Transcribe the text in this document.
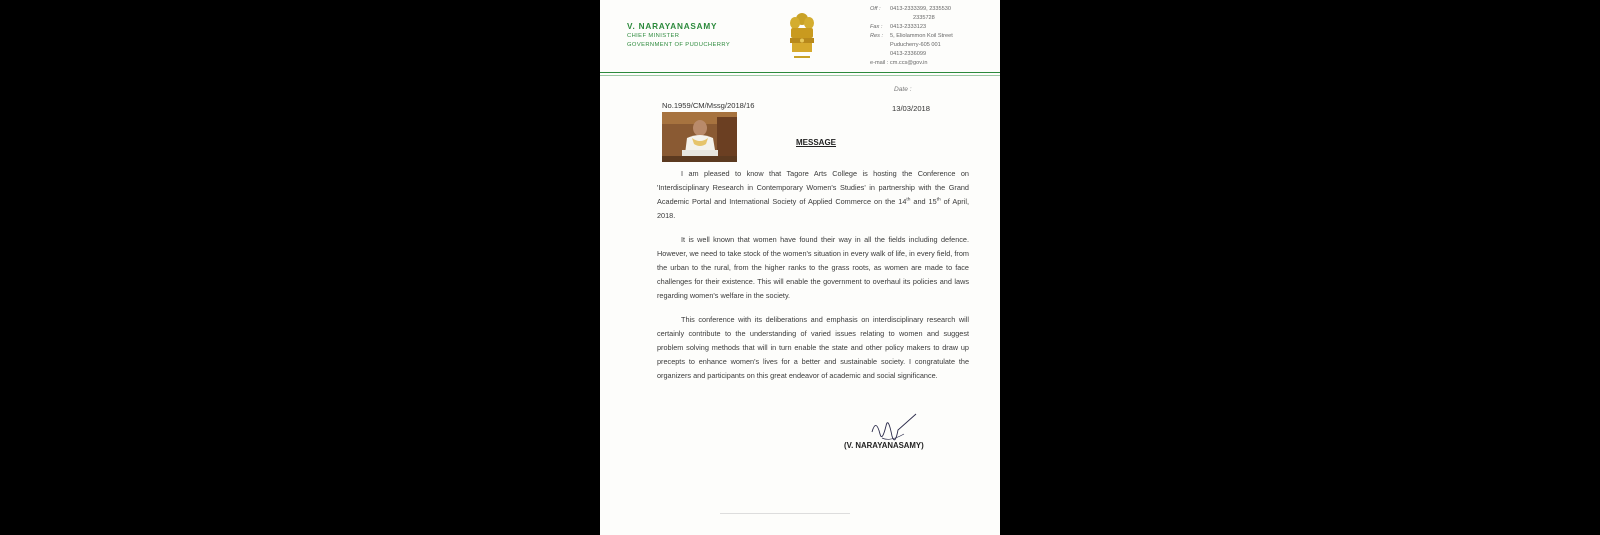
V. NARAYANASAMY
CHIEF MINISTER
GOVERNMENT OF PUDUCHERRY
Off : 0413-2333399, 2335530
2335728
Fax : 0413-2333123
Res : 5, Eliolammon Koil Street
Puducherry-605 001
0413-2336099
e-mail : cm.ccs@gov.in
Date :
No.1959/CM/Mssg/2018/16	13/03/2018
MESSAGE

I am pleased to know that Tagore Arts College is hosting the Conference on 'Interdisciplinary Research in Contemporary Women's Studies' in partnership with the Grand Academic Portal and International Society of Applied Commerce on the 14th and 15th of April, 2018.

It is well known that women have found their way in all the fields including defence. However, we need to take stock of the women's situation in every walk of life, in every field, from the urban to the rural, from the higher ranks to the grass roots, as women are made to face challenges for their existence. This will enable the government to overhaul its policies and laws regarding women's welfare in the society.

This conference with its deliberations and emphasis on interdisciplinary research will certainly contribute to the understanding of varied issues relating to women and suggest problem solving methods that will in turn enable the state and other policy makers to draw up precepts to enhance women's lives for a better and sustainable society. I congratulate the organizers and participants on this great endeavor of academic and social significance.

(V. NARAYANASAMY)
